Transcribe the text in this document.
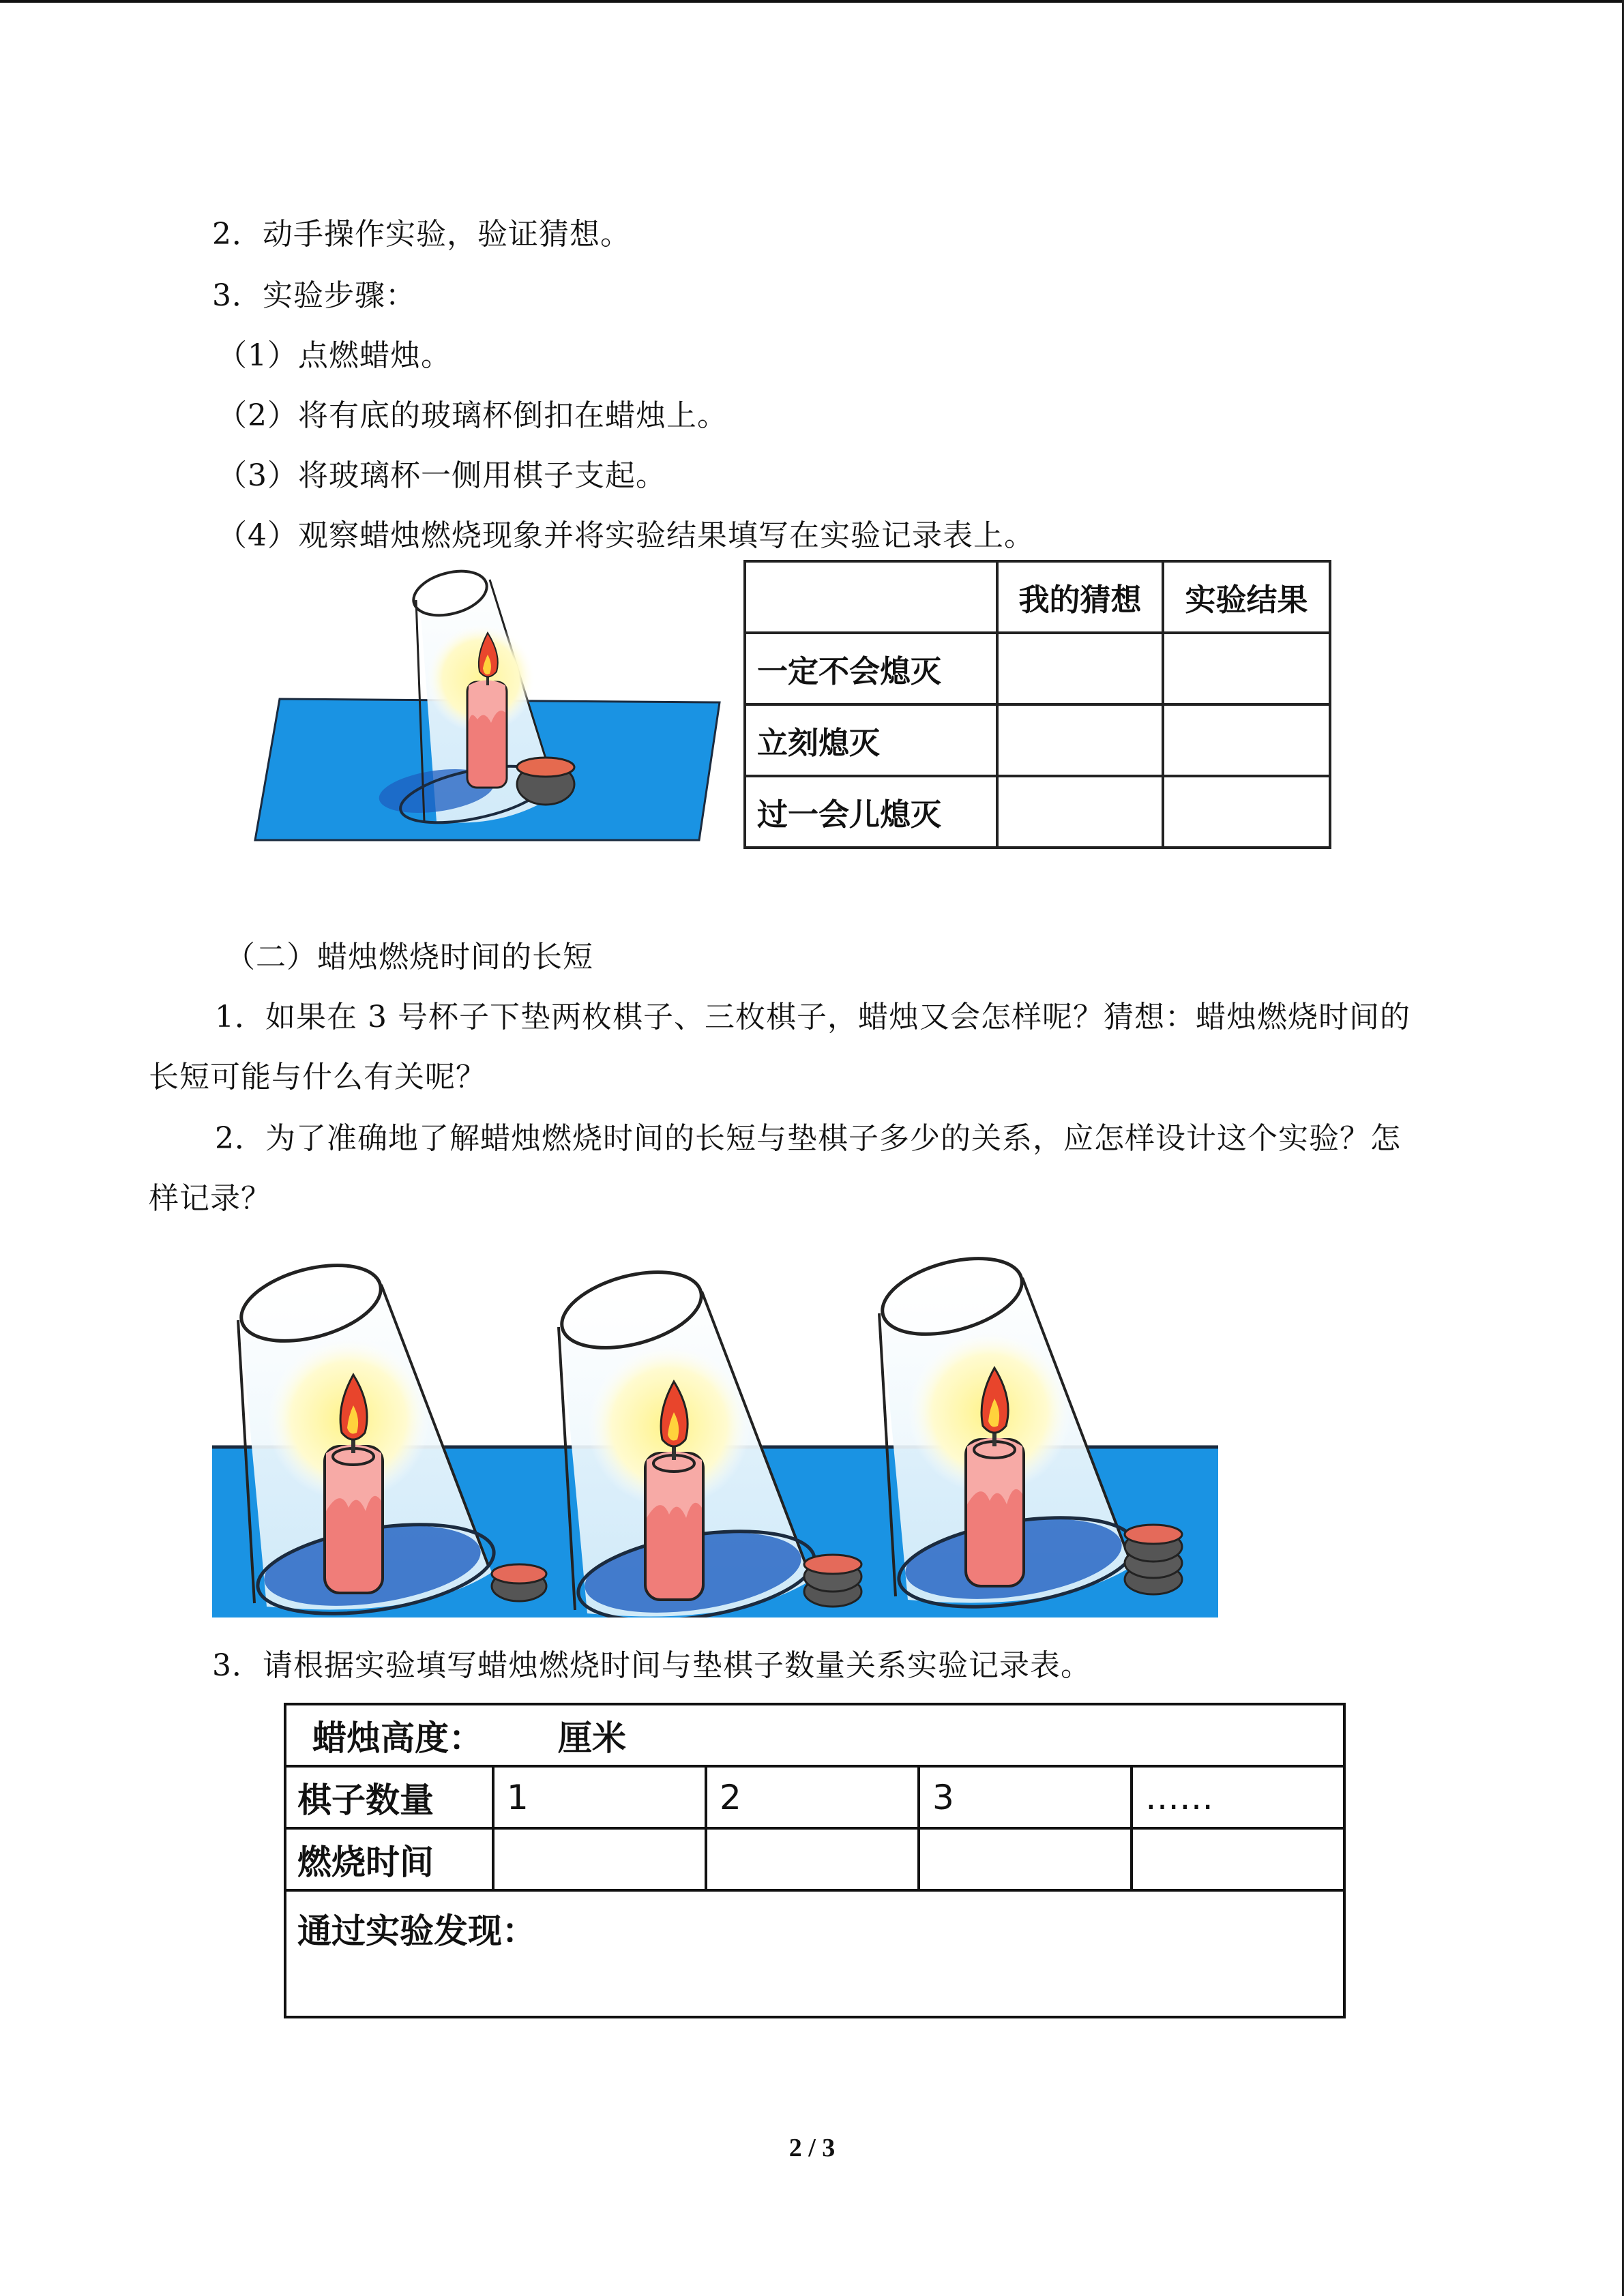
2．动手操作实验，验证猜想。
3．实验步骤：
（1）点燃蜡烛。
（2）将有底的玻璃杯倒扣在蜡烛上。
（3）将玻璃杯一侧用棋子支起。
（4）观察蜡烛燃烧现象并将实验结果填写在实验记录表上。
	我的猜想	实验结果
一定不会熄灭		
立刻熄灭		
过一会儿熄灭		
（二）蜡烛燃烧时间的长短
1．如果在 3 号杯子下垫两枚棋子、三枚棋子，蜡烛又会怎样呢？猜想：蜡烛燃烧时间的
长短可能与什么有关呢？
2．为了准确地了解蜡烛燃烧时间的长短与垫棋子多少的关系，应怎样设计这个实验？怎
样记录？
3．请根据实验填写蜡烛燃烧时间与垫棋子数量关系实验记录表。
蜡烛高度： 厘米				
棋子数量	1	2	3	……
燃烧时间				
通过实验发现：				
2 / 3
